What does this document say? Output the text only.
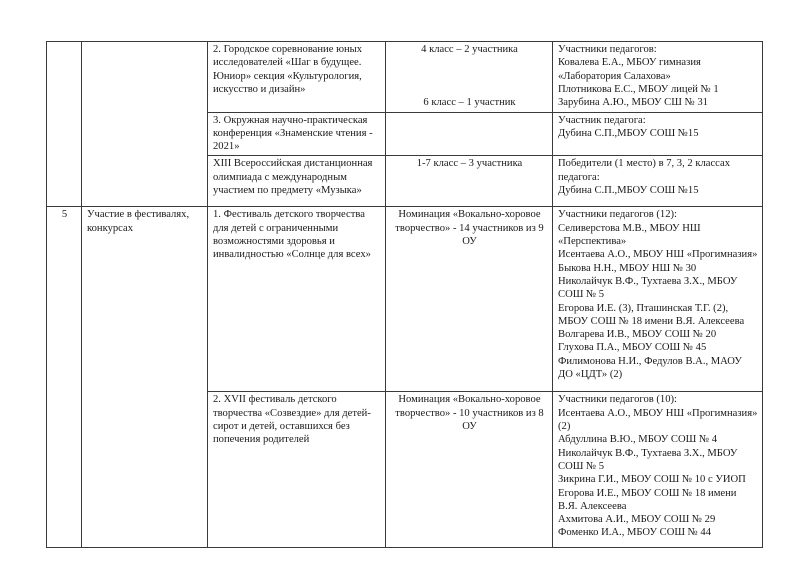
		2. Городское соревнование юных исследователей «Шаг в будущее. Юниор» секция «Культурология, искусство и дизайн»	4 класс – 2 участника
6 класс – 1 участник	Участники педагогов:
Ковалева Е.А., МБОУ гимназия «Лаборатория Салахова»
Плотникова Е.С., МБОУ лицей № 1
Зарубина А.Ю., МБОУ СШ № 31

		3. Окружная научно-практическая конференция «Знаменские чтения - 2021»		Участник педагога:
Дубина С.П.,МБОУ СОШ №15

		XIII Всероссийская дистанционная олимпиада с международным участием по предмету «Музыка»	1-7 класс – 3 участника	Победители (1 место) в 7, 3, 2 классах педагога:
Дубина С.П.,МБОУ СОШ №15

5	Участие в фестивалях, конкурсах	1. Фестиваль детского творчества для детей с ограниченными возможностями здоровья и инвалидностью «Солнце для всех»	Номинация «Вокально-хоровое творчество» - 14 участников из 9 ОУ	
Участники педагогов (12):
Селиверстова М.В., МБОУ НШ «Перспектива»
Исентаева А.О., МБОУ НШ «Прогимназия»
Быкова Н.Н., МБОУ НШ № 30
Николайчук В.Ф., Тухтаева З.Х., МБОУ СОШ № 5
Егорова И.Е. (3), Пташинская Т.Г. (2), МБОУ СОШ № 18 имени В.Я. Алексеева
Волгарева И.В., МБОУ СОШ № 20
Глухова П.А., МБОУ СОШ № 45
Филимонова Н.И., Федулов В.А., МАОУ ДО «ЦДТ» (2)

2. XVII фестиваль детского творчества «Созвездие» для детей-сирот и детей, оставшихся без попечения родителей	Номинация «Вокально-хоровое творчество» - 10 участников из 8 ОУ	
Участники педагогов (10):
Исентаева А.О., МБОУ НШ «Прогимназия» (2)
Абдуллина В.Ю., МБОУ СОШ № 4
Николайчук В.Ф., Тухтаева З.Х., МБОУ СОШ № 5
Зикрина Г.И., МБОУ СОШ № 10 с УИОП
Егорова И.Е., МБОУ СОШ № 18 имени В.Я. Алексеева
Ахмитова А.И., МБОУ СОШ № 29
Фоменко И.А., МБОУ СОШ № 44
